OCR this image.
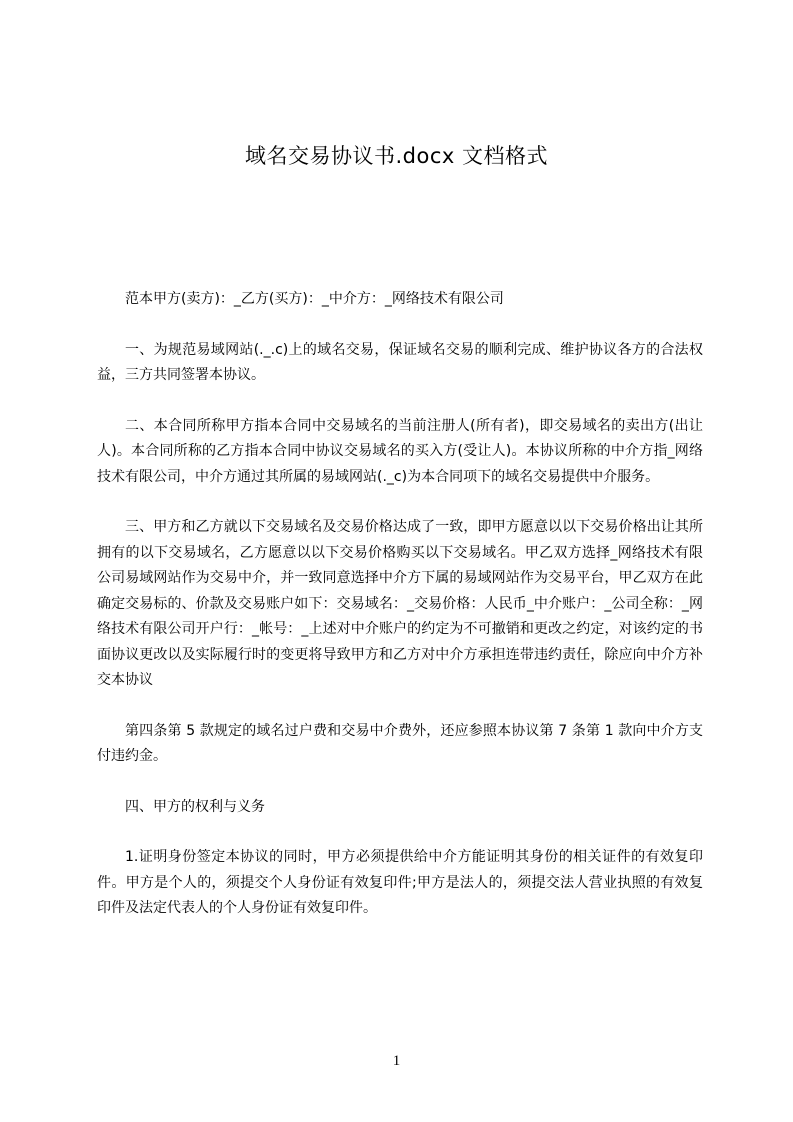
域名交易协议书.docx 文档格式

范本甲方(卖方)：_乙方(买方)：_中介方：_网络技术有限公司

一、为规范易域网站(._.c)上的域名交易，保证域名交易的顺利完成、维护协议各方的合法权益，三方共同签署本协议。

二、本合同所称甲方指本合同中交易域名的当前注册人(所有者)，即交易域名的卖出方(出让人)。本合同所称的乙方指本合同中协议交易域名的买入方(受让人)。本协议所称的中介方指_网络技术有限公司，中介方通过其所属的易域网站(._c)为本合同项下的域名交易提供中介服务。

三、甲方和乙方就以下交易域名及交易价格达成了一致，即甲方愿意以以下交易价格出让其所拥有的以下交易域名，乙方愿意以以下交易价格购买以下交易域名。甲乙双方选择_网络技术有限公司易域网站作为交易中介，并一致同意选择中介方下属的易域网站作为交易平台，甲乙双方在此确定交易标的、价款及交易账户如下：交易域名：_交易价格：人民币_中介账户：_公司全称：_网络技术有限公司开户行：_帐号：_上述对中介账户的约定为不可撤销和更改之约定，对该约定的书面协议更改以及实际履行时的变更将导致甲方和乙方对中介方承担连带违约责任，除应向中介方补交本协议

第四条第 5 款规定的域名过户费和交易中介费外，还应参照本协议第 7 条第 1 款向中介方支付违约金。

四、甲方的权利与义务

1.证明身份签定本协议的同时，甲方必须提供给中介方能证明其身份的相关证件的有效复印件。甲方是个人的，须提交个人身份证有效复印件;甲方是法人的，须提交法人营业执照的有效复印件及法定代表人的个人身份证有效复印件。

1
